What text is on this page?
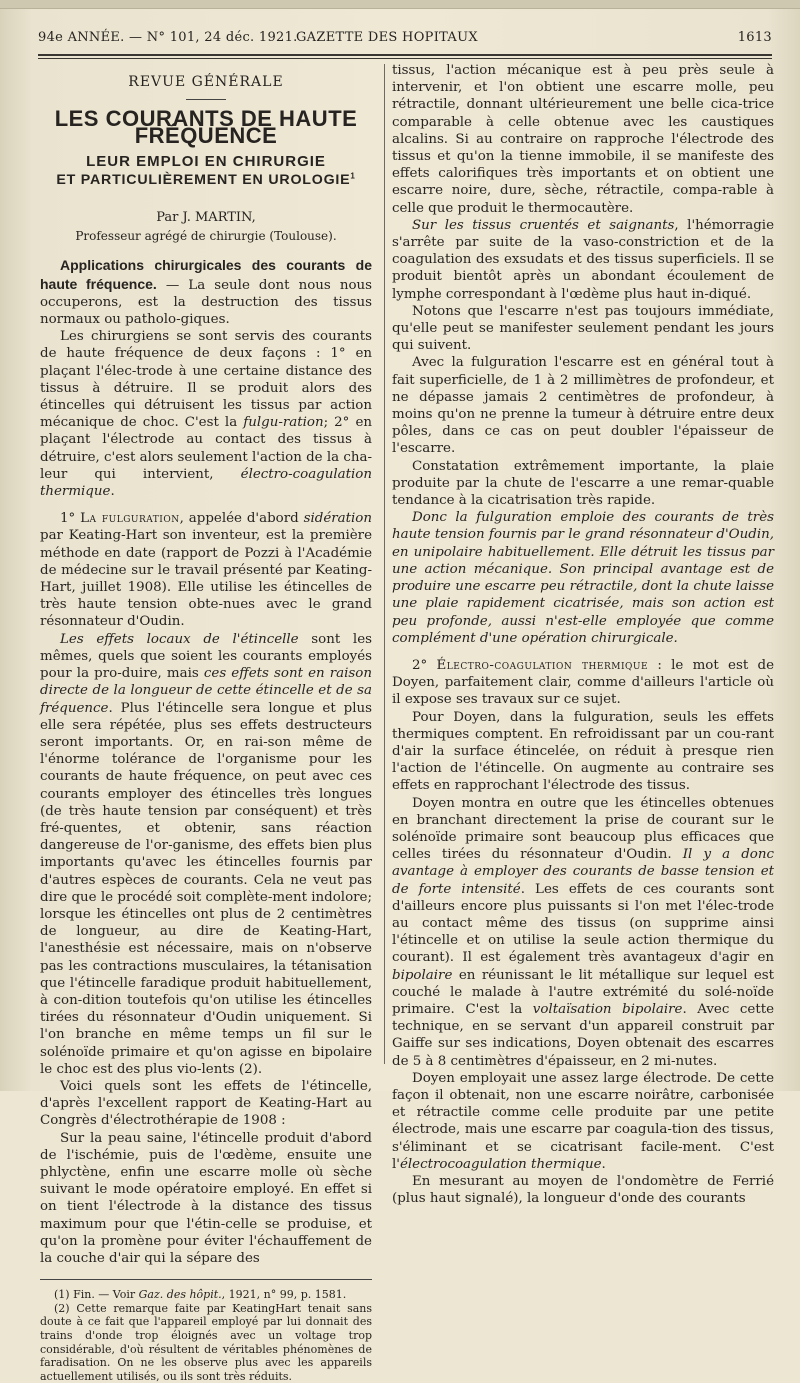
94e ANNÉE. — N° 101, 24 déc. 1921.
GAZETTE DES HOPITAUX	1613
REVUE GÉNÉRALE
LES COURANTS DE HAUTE FRÉQUENCE
LEUR EMPLOI EN CHIRURGIE
ET PARTICULIÈREMENT EN UROLOGIE$^1$
Par J. MARTIN,
Professeur agrégé de chirurgie (Toulouse).

Applications chirurgicales des courants de haute fréquence. — La seule dont nous nous occuperons, est la destruction des tissus normaux ou patholo-giques.

Les chirurgiens se sont servis des courants de haute fréquence de deux façons : 1° en plaçant l'élec-trode à une certaine distance des tissus à détruire. Il se produit alors des étincelles qui détruisent les tissus par action mécanique de choc. C'est la fulgu-ration; 2° en plaçant l'électrode au contact des tissus à détruire, c'est alors seulement l'action de la cha-leur qui intervient, électro-coagulation thermique.

1° La fulguration, appelée d'abord sidération par Keating-Hart son inventeur, est la première méthode en date (rapport de Pozzi à l'Académie de médecine sur le travail présenté par Keating-Hart, juillet 1908). Elle utilise les étincelles de très haute tension obte-nues avec le grand résonnateur d'Oudin.

Les effets locaux de l'étincelle sont les mêmes, quels que soient les courants employés pour la pro-duire, mais ces effets sont en raison directe de la longueur de cette étincelle et de sa fréquence. Plus l'étincelle sera longue et plus elle sera répétée, plus ses effets destructeurs seront importants. Or, en rai-son même de l'énorme tolérance de l'organisme pour les courants de haute fréquence, on peut avec ces courants employer des étincelles très longues (de très haute tension par conséquent) et très fré-quentes, et obtenir, sans réaction dangereuse de l'or-ganisme, des effets bien plus importants qu'avec les étincelles fournis par d'autres espèces de courants. Cela ne veut pas dire que le procédé soit complète-ment indolore; lorsque les étincelles ont plus de 2 centimètres de longueur, au dire de Keating-Hart, l'anesthésie est nécessaire, mais on n'observe pas les contractions musculaires, la tétanisation que l'étincelle faradique produit habituellement, à con-dition toutefois qu'on utilise les étincelles tirées du résonnateur d'Oudin uniquement. Si l'on branche en même temps un fil sur le solénoïde primaire et qu'on agisse en bipolaire le choc est des plus vio-lents (2).

Voici quels sont les effets de l'étincelle, d'après l'excellent rapport de Keating-Hart au Congrès d'électrothérapie de 1908 :

Sur la peau saine, l'étincelle produit d'abord de l'ischémie, puis de l'œdème, ensuite une phlyctène, enfin une escarre molle où sèche suivant le mode opératoire employé. En effet si on tient l'électrode à la distance des tissus maximum pour que l'étin-celle se produise, et qu'on la promène pour éviter l'échauffement de la couche d'air qui la sépare des

(1) Fin. — Voir Gaz. des hôpit., 1921, n° 99, p. 1581.

(2) Cette remarque faite par KeatingHart tenait sans doute à ce fait que l'appareil employé par lui donnait des trains d'onde trop éloignés avec un voltage trop considérable, d'où résultent de véritables phénomènes de faradisation. On ne les observe plus avec les appareils actuellement utilisés, ou ils sont très réduits.

tissus, l'action mécanique est à peu près seule à intervenir, et l'on obtient une escarre molle, peu rétractile, donnant ultérieurement une belle cica-trice comparable à celle obtenue avec les caustiques alcalins. Si au contraire on rapproche l'électrode des tissus et qu'on la tienne immobile, il se manifeste des effets calorifiques très importants et on obtient une escarre noire, dure, sèche, rétractile, compa-rable à celle que produit le thermocautère.

Sur les tissus cruentés et saignants, l'hémorragie s'arrête par suite de la vaso-constriction et de la coagulation des exsudats et des tissus superficiels. Il se produit bientôt après un abondant écoulement de lymphe correspondant à l'œdème plus haut in-diqué.

Notons que l'escarre n'est pas toujours immédiate, qu'elle peut se manifester seulement pendant les jours qui suivent.

Avec la fulguration l'escarre est en général tout à fait superficielle, de 1 à 2 millimètres de profondeur, et ne dépasse jamais 2 centimètres de profondeur, à moins qu'on ne prenne la tumeur à détruire entre deux pôles, dans ce cas on peut doubler l'épaisseur de l'escarre.

Constatation extrêmement importante, la plaie produite par la chute de l'escarre a une remar-quable tendance à la cicatrisation très rapide.

Donc la fulguration emploie des courants de très haute tension fournis par le grand résonnateur d'Oudin, en unipolaire habituellement. Elle détruit les tissus par une action mécanique. Son principal avantage est de produire une escarre peu rétractile, dont la chute laisse une plaie rapidement cicatrisée, mais son action est peu profonde, aussi n'est-elle employée que comme complément d'une opération chirurgicale.

2° Électro-coagulation thermique : le mot est de Doyen, parfaitement clair, comme d'ailleurs l'article où il expose ses travaux sur ce sujet.

Pour Doyen, dans la fulguration, seuls les effets thermiques comptent. En refroidissant par un cou-rant d'air la surface étincelée, on réduit à presque rien l'action de l'étincelle. On augmente au contraire ses effets en rapprochant l'électrode des tissus.

Doyen montra en outre que les étincelles obtenues en branchant directement la prise de courant sur le solénoïde primaire sont beaucoup plus efficaces que celles tirées du résonnateur d'Oudin. Il y a donc avantage à employer des courants de basse tension et de forte intensité. Les effets de ces courants sont d'ailleurs encore plus puissants si l'on met l'élec-trode au contact même des tissus (on supprime ainsi l'étincelle et on utilise la seule action thermique du courant). Il est également très avantageux d'agir en bipolaire en réunissant le lit métallique sur lequel est couché le malade à l'autre extrémité du solé-noïde primaire. C'est la voltaïsation bipolaire. Avec cette technique, en se servant d'un appareil construit par Gaiffe sur ses indications, Doyen obtenait des escarres de 5 à 8 centimètres d'épaisseur, en 2 mi-nutes.

Doyen employait une assez large électrode. De cette façon il obtenait, non une escarre noirâtre, carbonisée et rétractile comme celle produite par une petite électrode, mais une escarre par coagula-tion des tissus, s'éliminant et se cicatrisant facile-ment. C'est l'électrocoagulation thermique.

En mesurant au moyen de l'ondomètre de Ferrié (plus haut signalé), la longueur d'onde des courants
